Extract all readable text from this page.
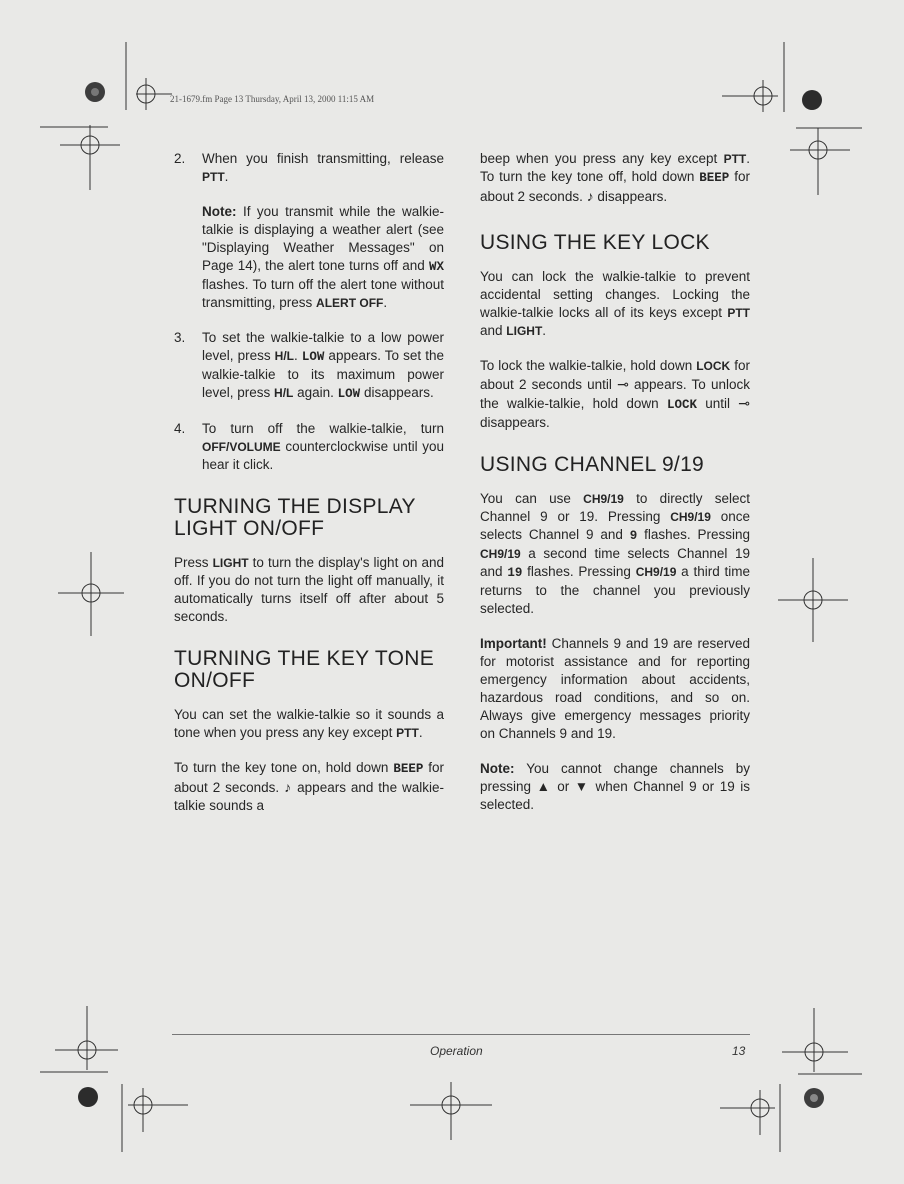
21-1679.fm Page 13 Thursday, April 13, 2000 11:15 AM
2.	When you finish transmitting, release PTT.

Note: If you transmit while the walkie-talkie is displaying a weather alert (see "Displaying Weather Messages" on Page 14), the alert tone turns off and WX flashes. To turn off the alert tone without transmitting, press ALERT OFF.

3.	To set the walkie-talkie to a low power level, press H/L. LOW appears. To set the walkie-talkie to its maximum power level, press H/L again. LOW disappears.

4.	To turn off the walkie-talkie, turn OFF/VOLUME counterclockwise until you hear it click.

TURNING THE DISPLAY LIGHT ON/OFF

Press LIGHT to turn the display's light on and off. If you do not turn the light off manually, it automatically turns itself off after about 5 seconds.

TURNING THE KEY TONE ON/OFF

You can set the walkie-talkie so it sounds a tone when you press any key except PTT.

To turn the key tone on, hold down BEEP for about 2 seconds. ♪ appears and the walkie-talkie sounds a

beep when you press any key except PTT. To turn the key tone off, hold down BEEP for about 2 seconds. ♪ disappears.

USING THE KEY LOCK

You can lock the walkie-talkie to prevent accidental setting changes. Locking the walkie-talkie locks all of its keys except PTT and LIGHT.

To lock the walkie-talkie, hold down LOCK for about 2 seconds until ⊸ appears. To unlock the walkie-talkie, hold down LOCK until ⊸ disappears.

USING CHANNEL 9/19

You can use CH9/19 to directly select Channel 9 or 19. Pressing CH9/19 once selects Channel 9 and 9 flashes. Pressing CH9/19 a second time selects Channel 19 and 19 flashes. Pressing CH9/19 a third time returns to the channel you previously selected.

Important! Channels 9 and 19 are reserved for motorist assistance and for reporting emergency information about accidents, hazardous road conditions, and so on. Always give emergency messages priority on Channels 9 and 19.

Note: You cannot change channels by pressing ▲ or ▼ when Channel 9 or 19 is selected.

Operation	13
